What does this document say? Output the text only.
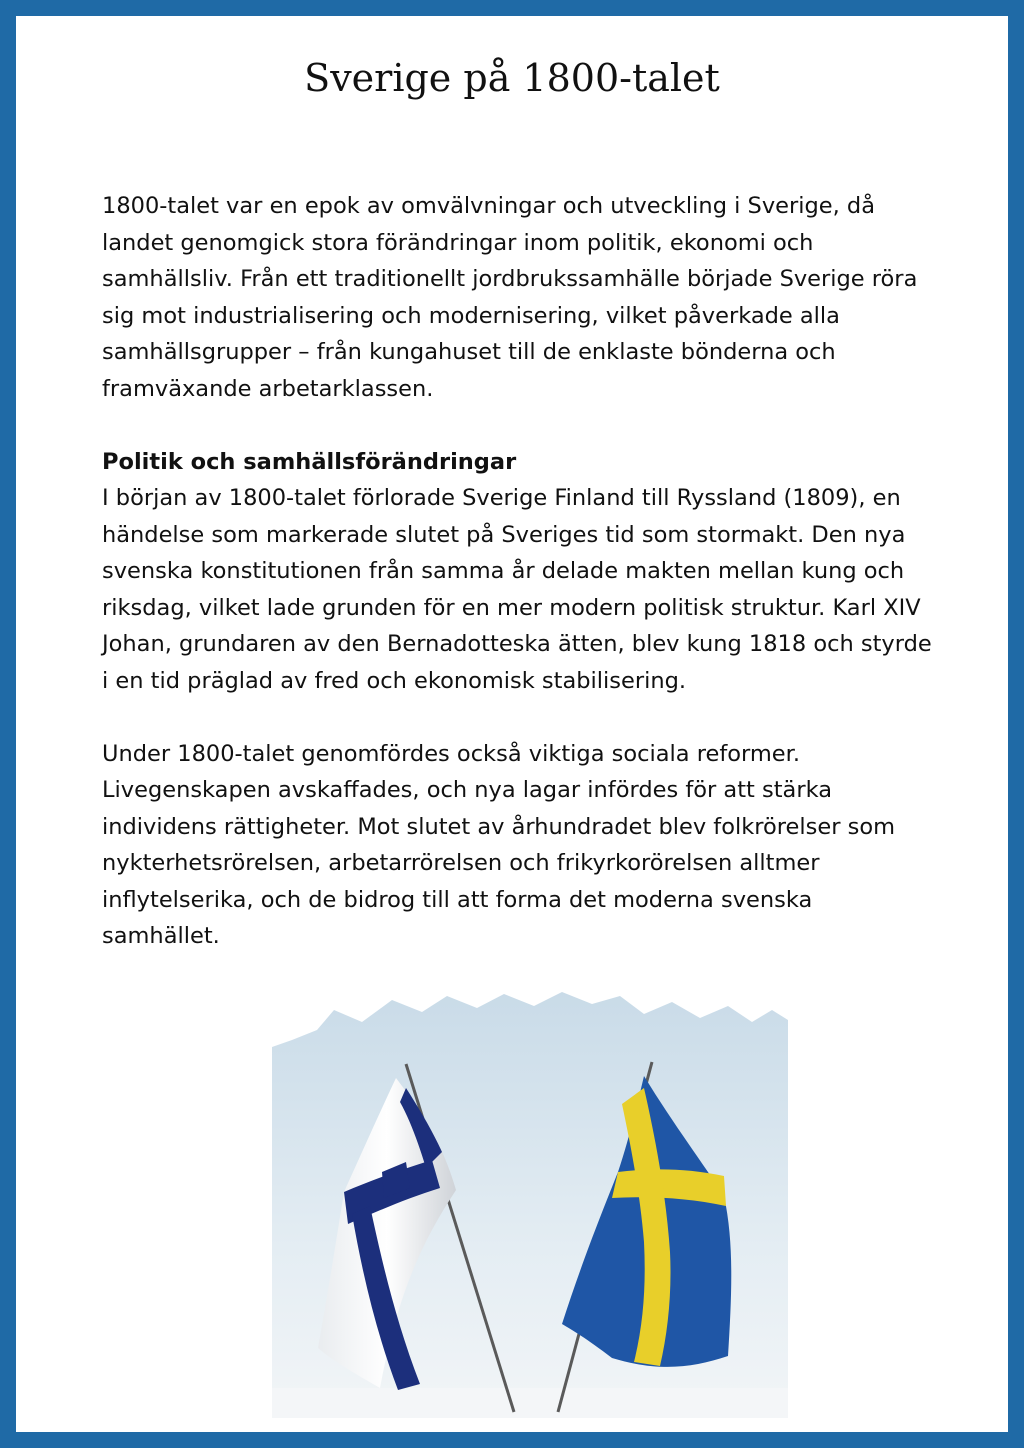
Sverige på 1800-talet

1800-talet var en epok av omvälvningar och utveckling i Sverige, då landet genomgick stora förändringar inom politik, ekonomi och samhällsliv. Från ett traditionellt jordbrukssamhälle började Sverige röra sig mot industrialisering och modernisering, vilket påverkade alla samhällsgrupper – från kungahuset till de enklaste bönderna och framväxande arbetarklassen.

Politik och samhällsförändringar

I början av 1800-talet förlorade Sverige Finland till Ryssland (1809), en händelse som markerade slutet på Sveriges tid som stormakt. Den nya svenska konstitutionen från samma år delade makten mellan kung och riksdag, vilket lade grunden för en mer modern politisk struktur. Karl XIV Johan, grundaren av den Bernadotteska ätten, blev kung 1818 och styrde i en tid präglad av fred och ekonomisk stabilisering.

Under 1800-talet genomfördes också viktiga sociala reformer. Livegenskapen avskaffades, och nya lagar infördes för att stärka individens rättigheter. Mot slutet av århundradet blev folkrörelser som nykterhetsrörelsen, arbetarrörelsen och frikyrkorörelsen alltmer inflytelserika, och de bidrog till att forma det moderna svenska samhället.
